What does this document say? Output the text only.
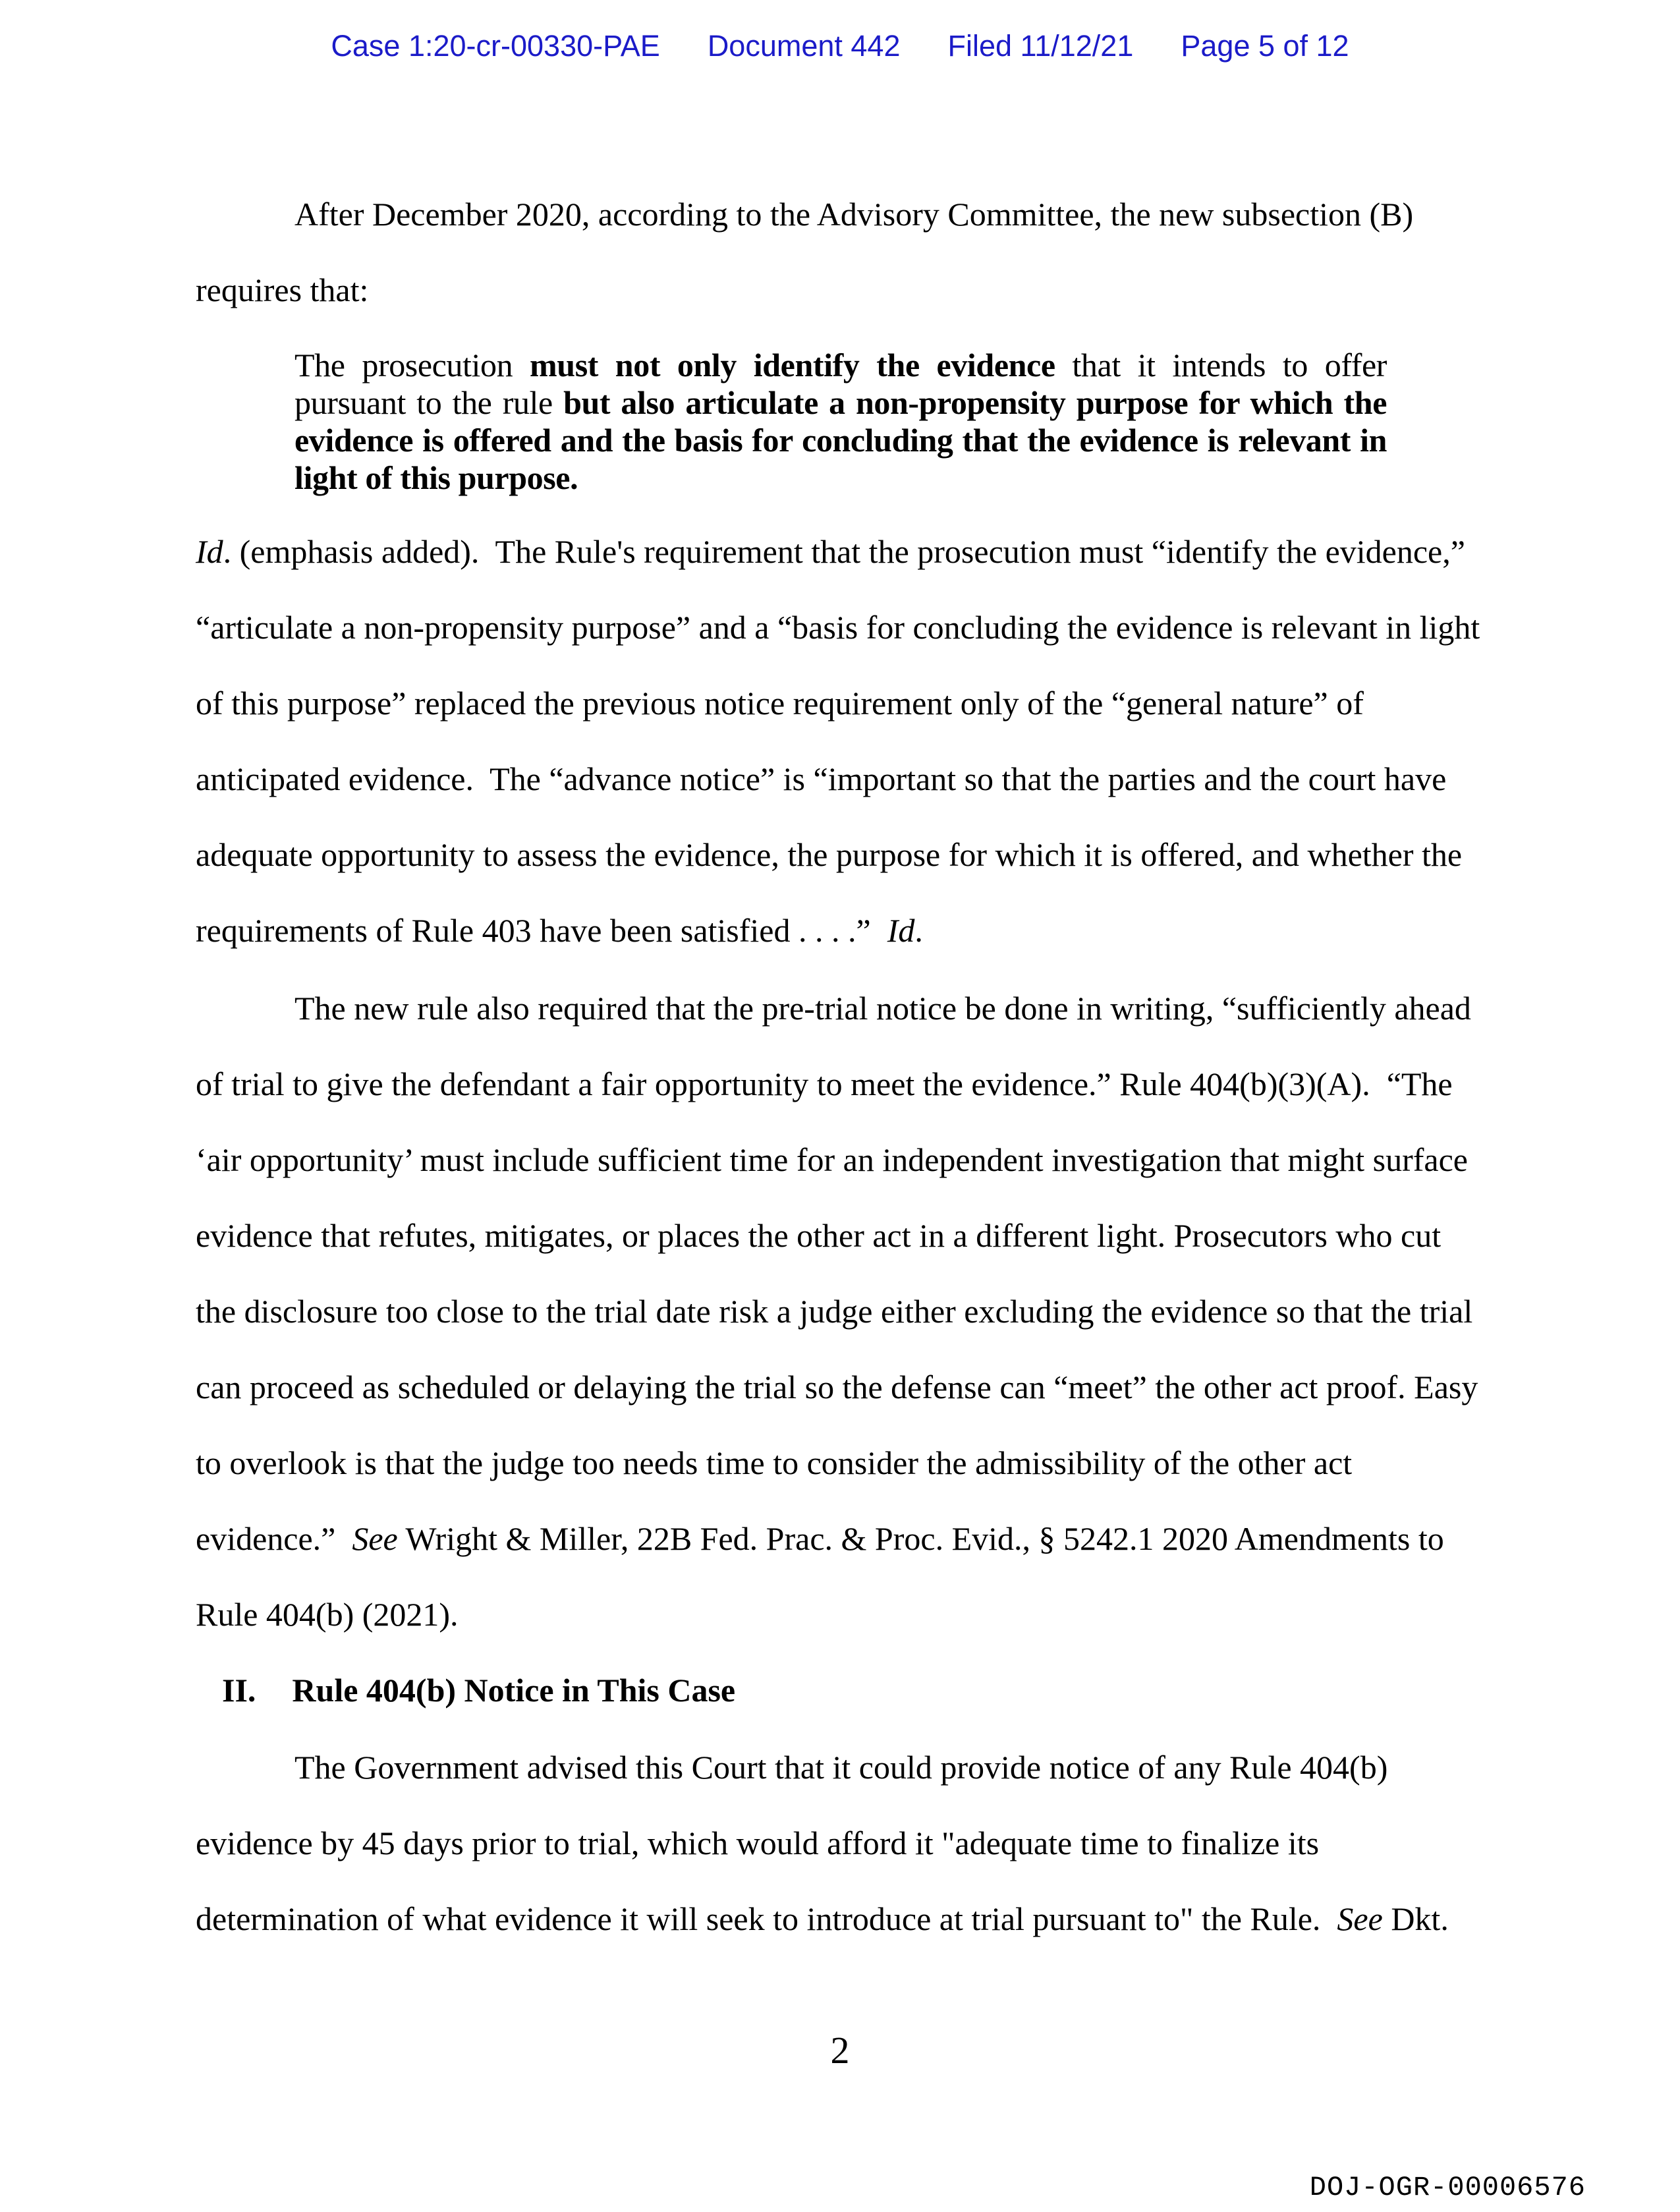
Case 1:20-cr-00330-PAE Document 442 Filed 11/12/21 Page 5 of 12
After December 2020, according to the Advisory Committee, the new subsection (B)
requires that:
The prosecution must not only identify the evidence that it intends to offer
pursuant to the rule but also articulate a non-propensity purpose for which the
evidence is offered and the basis for concluding that the evidence is relevant in
light of this purpose.
Id. (emphasis added).  The Rule's requirement that the prosecution must “identify the evidence,”
“articulate a non-propensity purpose” and a “basis for concluding the evidence is relevant in light
of this purpose” replaced the previous notice requirement only of the “general nature” of
anticipated evidence.  The “advance notice” is “important so that the parties and the court have
adequate opportunity to assess the evidence, the purpose for which it is offered, and whether the
requirements of Rule 403 have been satisfied . . . .”  Id.
The new rule also required that the pre-trial notice be done in writing, “sufficiently ahead
of trial to give the defendant a fair opportunity to meet the evidence.” Rule 404(b)(3)(A).  “The
‘air opportunity’ must include sufficient time for an independent investigation that might surface
evidence that refutes, mitigates, or places the other act in a different light. Prosecutors who cut
the disclosure too close to the trial date risk a judge either excluding the evidence so that the trial
can proceed as scheduled or delaying the trial so the defense can “meet” the other act proof. Easy
to overlook is that the judge too needs time to consider the admissibility of the other act
evidence.”  See Wright & Miller, 22B Fed. Prac. & Proc. Evid., § 5242.1 2020 Amendments to
Rule 404(b) (2021).
II. Rule 404(b) Notice in This Case
The Government advised this Court that it could provide notice of any Rule 404(b)
evidence by 45 days prior to trial, which would afford it "adequate time to finalize its
determination of what evidence it will seek to introduce at trial pursuant to" the Rule.  See Dkt.
2
DOJ-OGR-00006576
